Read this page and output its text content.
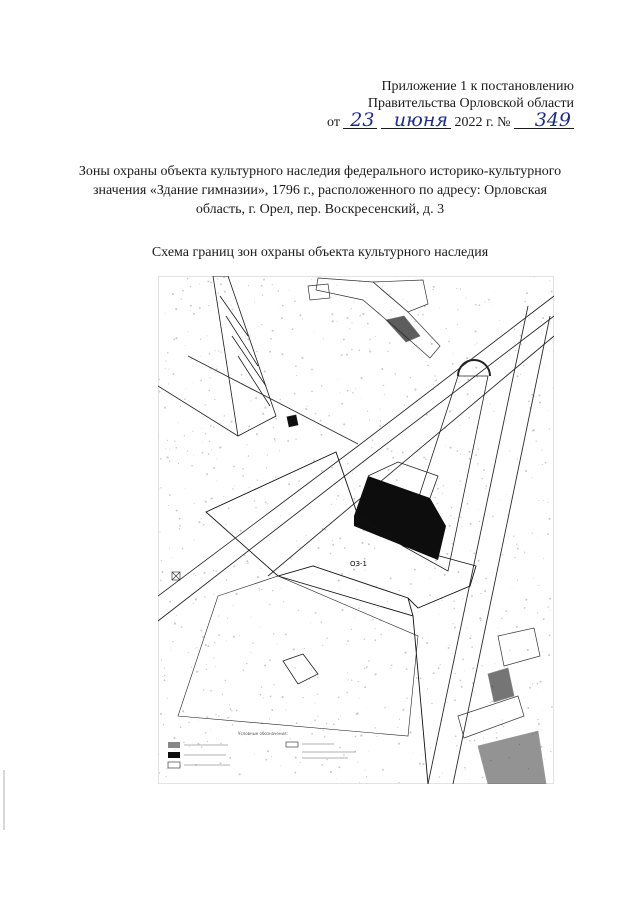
Приложение 1 к постановлению
Правительства Орловской области
от 23 июня 2022 г. № 349
Зоны охраны объекта культурного наследия федерального историко-культурного значения «Здание гимназии», 1796 г., расположенного по адресу: Орловская область, г. Орел, пер. Воскресенский, д. 3
Схема границ зон охраны объекта культурного наследия
ОЗ-1
Условные обозначения:
